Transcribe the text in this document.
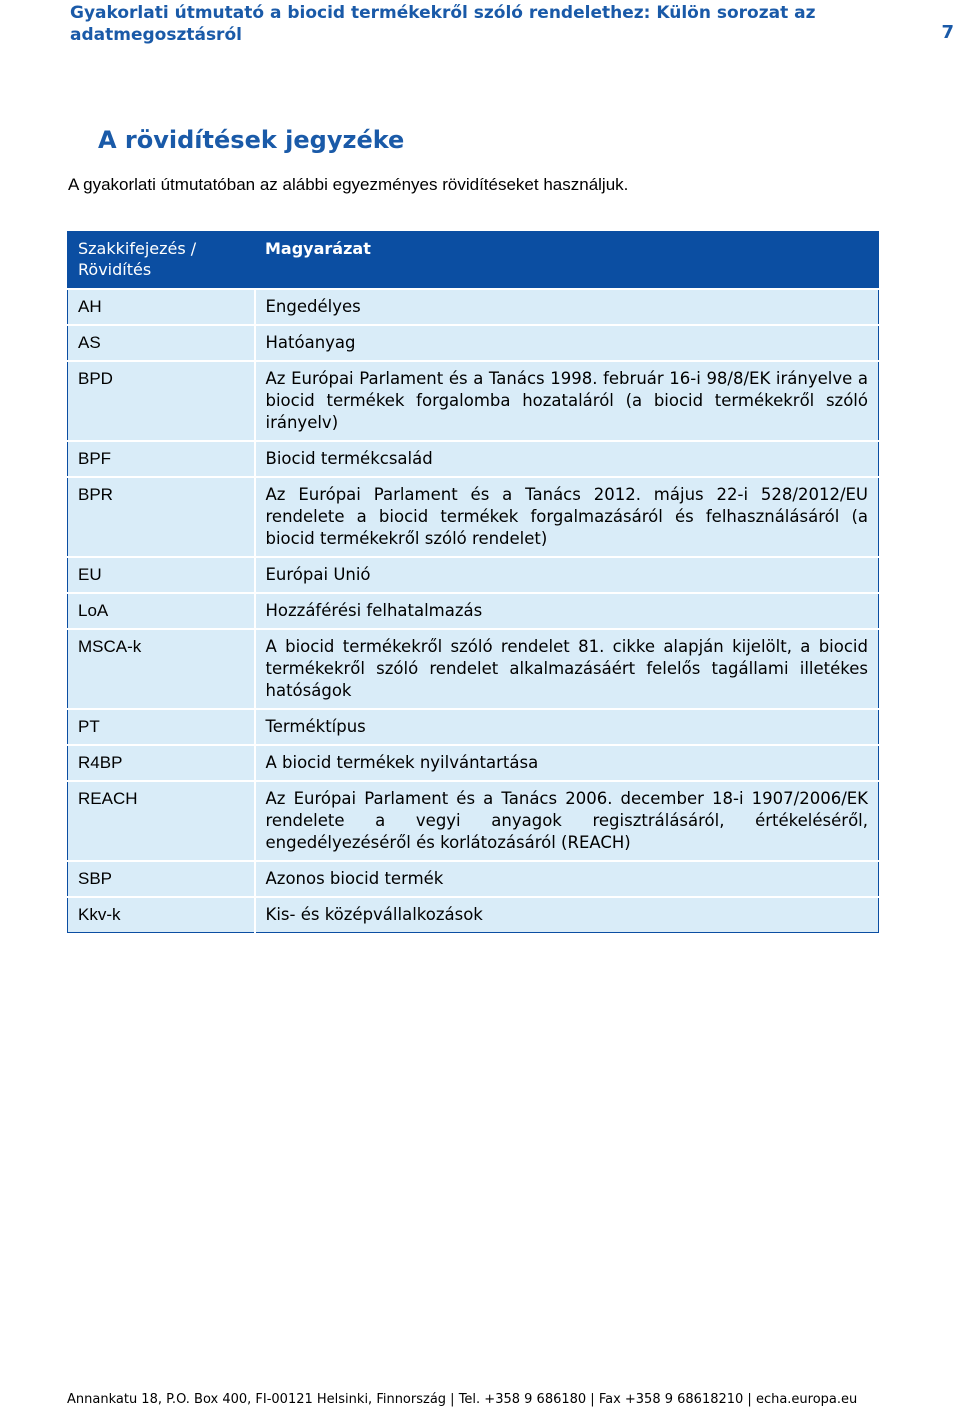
Gyakorlati útmutató a biocid termékekről szóló rendelethez: Külön sorozat az adatmegosztásról	7
A rövidítések jegyzéke

A gyakorlati útmutatóban az alábbi egyezményes rövidítéseket használjuk.

Szakkifejezés / Rövidítés	Magyarázat
AH	Engedélyes
AS	Hatóanyag
BPD	Az Európai Parlament és a Tanács 1998. február 16-i 98/8/EK irányelve a biocid termékek forgalomba hozataláról (a biocid termékekről szóló irányelv)
BPF	Biocid termékcsalád
BPR	Az Európai Parlament és a Tanács 2012. május 22-i 528/2012/EU rendelete a biocid termékek forgalmazásáról és felhasználásáról (a biocid termékekről szóló rendelet)
EU	Európai Unió
LoA	Hozzáférési felhatalmazás
MSCA-k	A biocid termékekről szóló rendelet 81. cikke alapján kijelölt, a biocid termékekről szóló rendelet alkalmazásáért felelős tagállami illetékes hatóságok
PT	Terméktípus
R4BP	A biocid termékek nyilvántartása
REACH	Az Európai Parlament és a Tanács 2006. december 18-i 1907/2006/EK rendelete a vegyi anyagok regisztrálásáról, értékeléséről, engedélyezéséről és korlátozásáról (REACH)
SBP	Azonos biocid termék
Kkv-k	Kis- és középvállalkozások
Annankatu 18, P.O. Box 400, FI-00121 Helsinki, Finnország | Tel. +358 9 686180 | Fax +358 9 68618210 | echa.europa.eu
